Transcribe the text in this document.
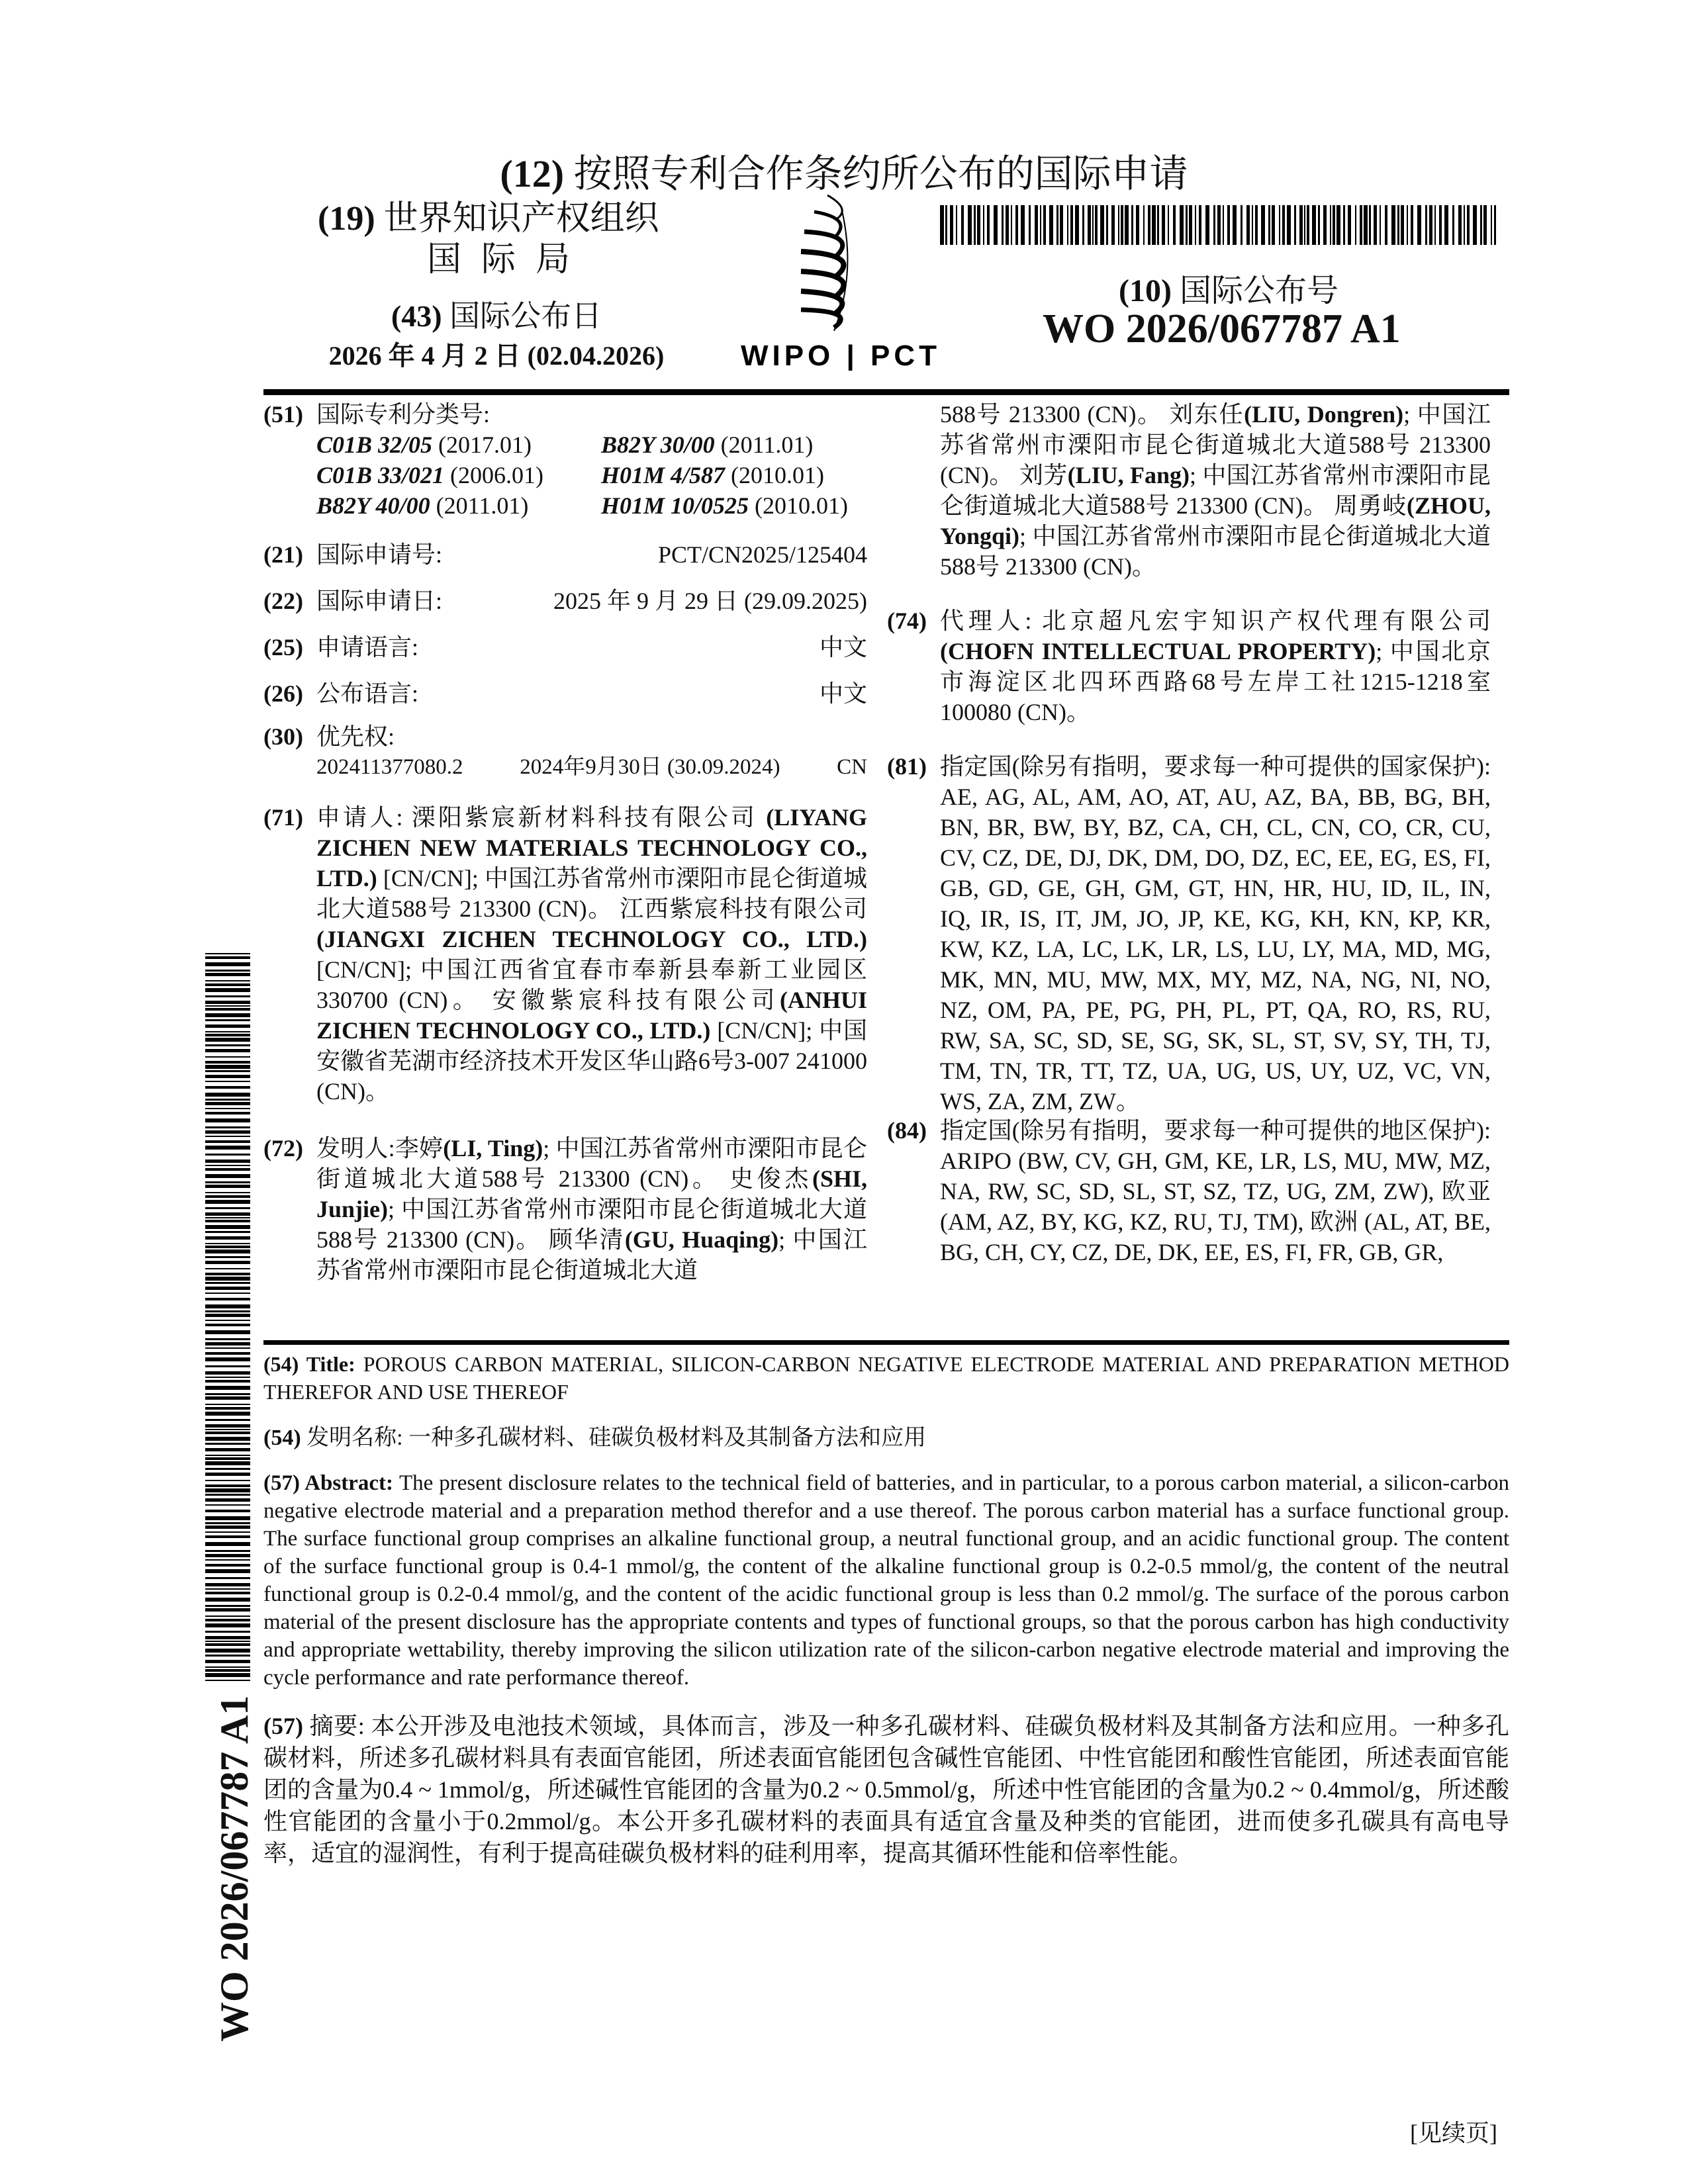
(12) 按照专利合作条约所公布的国际申请
(19) 世界知识产权组织
国际局
(43) 国际公布日
2026 年 4 月 2 日 (02.04.2026)	WIPO | PCT
(10) 国际公布号
WO 2026/067787 A1
(51) 国际专利分类号:
C01B 32/05 (2017.01)	B82Y 30/00 (2011.01)
C01B 33/021 (2006.01)	H01M 4/587 (2010.01)
B82Y 40/00 (2011.01)	H01M 10/0525 (2010.01)
(21) 国际申请号:	PCT/CN2025/125404
(22) 国际申请日:	2025 年 9 月 29 日 (29.09.2025)
(25) 申请语言:	中文
(26) 公布语言:	中文
(30) 优先权:
202411377080.2	2024年9月30日 (30.09.2024)	CN
(71) 申请人: 溧阳紫宸新材料科技有限公司 (LIYANG ZICHEN NEW MATERIALS TECHNOLOGY CO., LTD.) [CN/CN]; 中国江苏省常州市溧阳市昆仑街道城北大道588号 213300 (CN)。 江西紫宸科技有限公司(JIANGXI ZICHEN TECHNOLOGY CO., LTD.) [CN/CN]; 中国江西省宜春市奉新县奉新工业园区 330700 (CN)。 安徽紫宸科技有限公司(ANHUI ZICHEN TECHNOLOGY CO., LTD.) [CN/CN]; 中国安徽省芜湖市经济技术开发区华山路6号3-007 241000 (CN)。
(72) 发明人:李婷(LI, Ting); 中国江苏省常州市溧阳市昆仑街道城北大道588号 213300 (CN)。 史俊杰(SHI, Junjie); 中国江苏省常州市溧阳市昆仑街道城北大道588号 213300 (CN)。 顾华清(GU, Huaqing); 中国江苏省常州市溧阳市昆仑街道城北大道
588号 213300 (CN)。 刘东任(LIU, Dongren); 中国江苏省常州市溧阳市昆仑街道城北大道588号 213300 (CN)。 刘芳(LIU, Fang); 中国江苏省常州市溧阳市昆仑街道城北大道588号 213300 (CN)。 周勇岐(ZHOU, Yongqi); 中国江苏省常州市溧阳市昆仑街道城北大道588号 213300 (CN)。
(74) 代理人: 北京超凡宏宇知识产权代理有限公司(CHOFN INTELLECTUAL PROPERTY); 中国北京市海淀区北四环西路68号左岸工社1215-1218室 100080 (CN)。
(81) 指定国(除另有指明，要求每一种可提供的国家保护): AE, AG, AL, AM, AO, AT, AU, AZ, BA, BB, BG, BH, BN, BR, BW, BY, BZ, CA, CH, CL, CN, CO, CR, CU, CV, CZ, DE, DJ, DK, DM, DO, DZ, EC, EE, EG, ES, FI, GB, GD, GE, GH, GM, GT, HN, HR, HU, ID, IL, IN, IQ, IR, IS, IT, JM, JO, JP, KE, KG, KH, KN, KP, KR, KW, KZ, LA, LC, LK, LR, LS, LU, LY, MA, MD, MG, MK, MN, MU, MW, MX, MY, MZ, NA, NG, NI, NO, NZ, OM, PA, PE, PG, PH, PL, PT, QA, RO, RS, RU, RW, SA, SC, SD, SE, SG, SK, SL, ST, SV, SY, TH, TJ, TM, TN, TR, TT, TZ, UA, UG, US, UY, UZ, VC, VN, WS, ZA, ZM, ZW。
(84) 指定国(除另有指明，要求每一种可提供的地区保护): ARIPO (BW, CV, GH, GM, KE, LR, LS, MU, MW, MZ, NA, RW, SC, SD, SL, ST, SZ, TZ, UG, ZM, ZW), 欧亚 (AM, AZ, BY, KG, KZ, RU, TJ, TM), 欧洲 (AL, AT, BE, BG, CH, CY, CZ, DE, DK, EE, ES, FI, FR, GB, GR,
(54) Title: POROUS CARBON MATERIAL, SILICON-CARBON NEGATIVE ELECTRODE MATERIAL AND PREPARATION METHOD THEREFOR AND USE THEREOF
(54) 发明名称: 一种多孔碳材料、硅碳负极材料及其制备方法和应用
(57) Abstract: The present disclosure relates to the technical field of batteries, and in particular, to a porous carbon material, a silicon-carbon negative electrode material and a preparation method therefor and a use thereof. The porous carbon material has a surface functional group. The surface functional group comprises an alkaline functional group, a neutral functional group, and an acidic functional group. The content of the surface functional group is 0.4-1 mmol/g, the content of the alkaline functional group is 0.2-0.5 mmol/g, the content of the neutral functional group is 0.2-0.4 mmol/g, and the content of the acidic functional group is less than 0.2 mmol/g. The surface of the porous carbon material of the present disclosure has the appropriate contents and types of functional groups, so that the porous carbon has high conductivity and appropriate wettability, thereby improving the silicon utilization rate of the silicon-carbon negative electrode material and improving the cycle performance and rate performance thereof.
(57) 摘要: 本公开涉及电池技术领域，具体而言，涉及一种多孔碳材料、硅碳负极材料及其制备方法和应用。一种多孔碳材料，所述多孔碳材料具有表面官能团，所述表面官能团包含碱性官能团、中性官能团和酸性官能团，所述表面官能团的含量为0.4 ~ 1mmol/g，所述碱性官能团的含量为0.2 ~ 0.5mmol/g，所述中性官能团的含量为0.2 ~ 0.4mmol/g，所述酸性官能团的含量小于0.2mmol/g。本公开多孔碳材料的表面具有适宜含量及种类的官能团，进而使多孔碳具有高电导率，适宜的湿润性，有利于提高硅碳负极材料的硅利用率，提高其循环性能和倍率性能。
WO 2026/067787 A1
[见续页]
